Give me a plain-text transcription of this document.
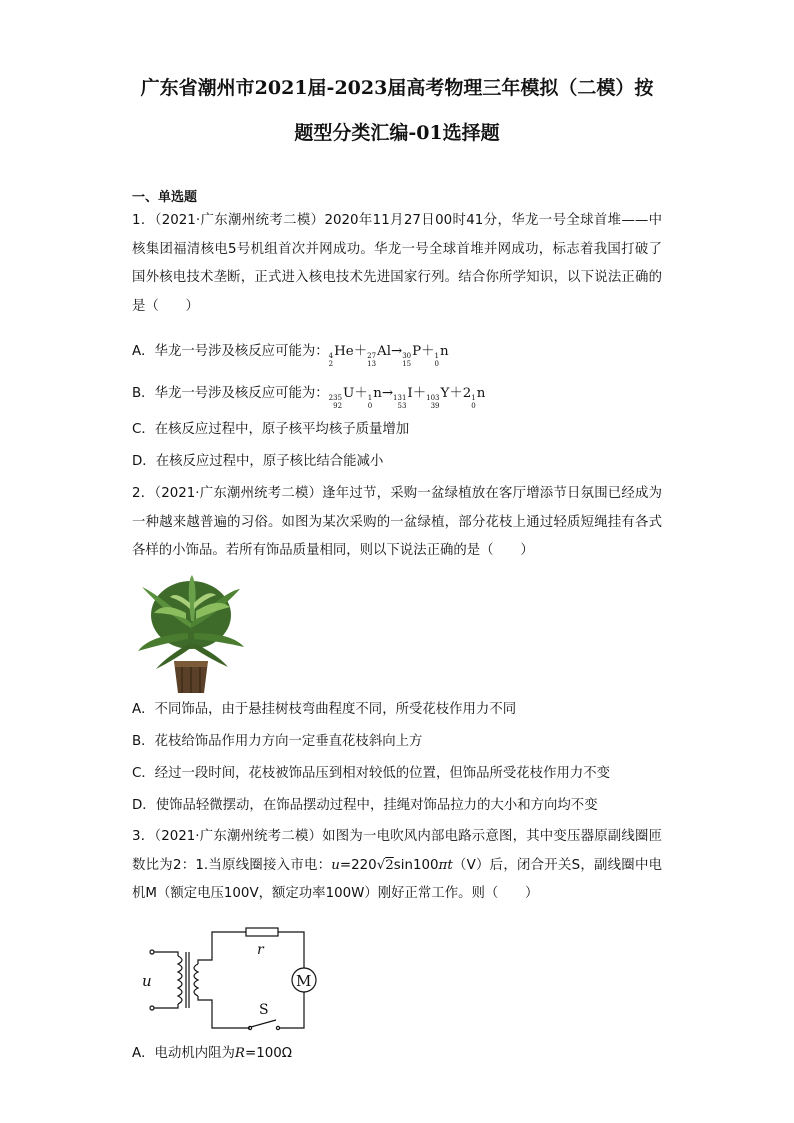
广东省潮州市2021届-2023届高考物理三年模拟（二模）按
题型分类汇编-01选择题
一、单选题
1．（2021·广东潮州统考二模）2020年11月27日00时41分，华龙一号全球首堆——中核集团福清核电5号机组首次并网成功。华龙一号全球首堆并网成功，标志着我国打破了国外核电技术垄断，正式进入核电技术先进国家行列。结合你所学知识，以下说法正确的是（　　）
A．华龙一号涉及核反应可能为： 4
2
He＋ 27
13
Al→ 30
15
P＋ 1
0
n
B．华龙一号涉及核反应可能为： 235
92
U＋ 1
0
n→ 131
53
I＋ 103
39
Y＋2 1
0
n
C．在核反应过程中，原子核平均核子质量增加
D．在核反应过程中，原子核比结合能减小
2．（2021·广东潮州统考二模）逢年过节，采购一盆绿植放在客厅增添节日氛围已经成为一种越来越普遍的习俗。如图为某次采购的一盆绿植，部分花枝上通过轻质短绳挂有各式各样的小饰品。若所有饰品质量相同，则以下说法正确的是（　　）
A．不同饰品，由于悬挂树枝弯曲程度不同，所受花枝作用力不同
B．花枝给饰品作用力方向一定垂直花枝斜向上方
C．经过一段时间，花枝被饰品压到相对较低的位置，但饰品所受花枝作用力不变
D．使饰品轻微摆动，在饰品摆动过程中，挂绳对饰品拉力的大小和方向均不变
3．（2021·广东潮州统考二模）如图为一电吹风内部电路示意图，其中变压器原副线圈匝数比为2：1.当原线圈接入市电：u=220√2sin100πt（V）后，闭合开关S，副线圈中电机M（额定电压100V，额定功率100W）刚好正常工作。则（　　）
u
r
M
S
A．电动机内阻为R=100Ω
